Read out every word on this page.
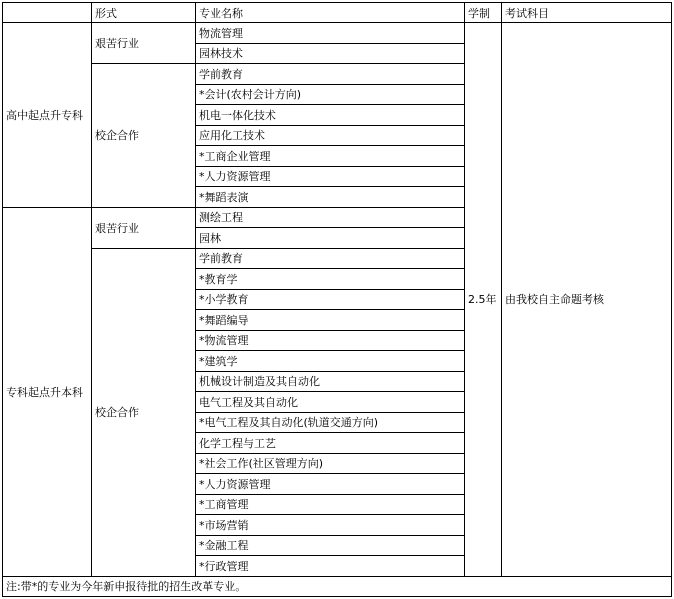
	形式	专业名称	学制	考试科目
高中起点升专科	艰苦行业	物流管理	2.5年	由我校自主命题考核
		园林技术		
	校企合作	学前教育		
		*会计(农村会计方向)		
		机电一体化技术		
		应用化工技术		
		*工商企业管理		
		*人力资源管理		
		*舞蹈表演		
专科起点升本科	艰苦行业	测绘工程		
		园林		
	校企合作	学前教育		
		*教育学		
		*小学教育		
		*舞蹈编导		
		*物流管理		
		*建筑学		
		机械设计制造及其自动化		
		电气工程及其自动化		
		*电气工程及其自动化(轨道交通方向)		
		化学工程与工艺		
		*社会工作(社区管理方向)		
		*人力资源管理		
		*工商管理		
		*市场营销		
		*金融工程		
		*行政管理		
注:带*的专业为今年新申报待批的招生改革专业。				
